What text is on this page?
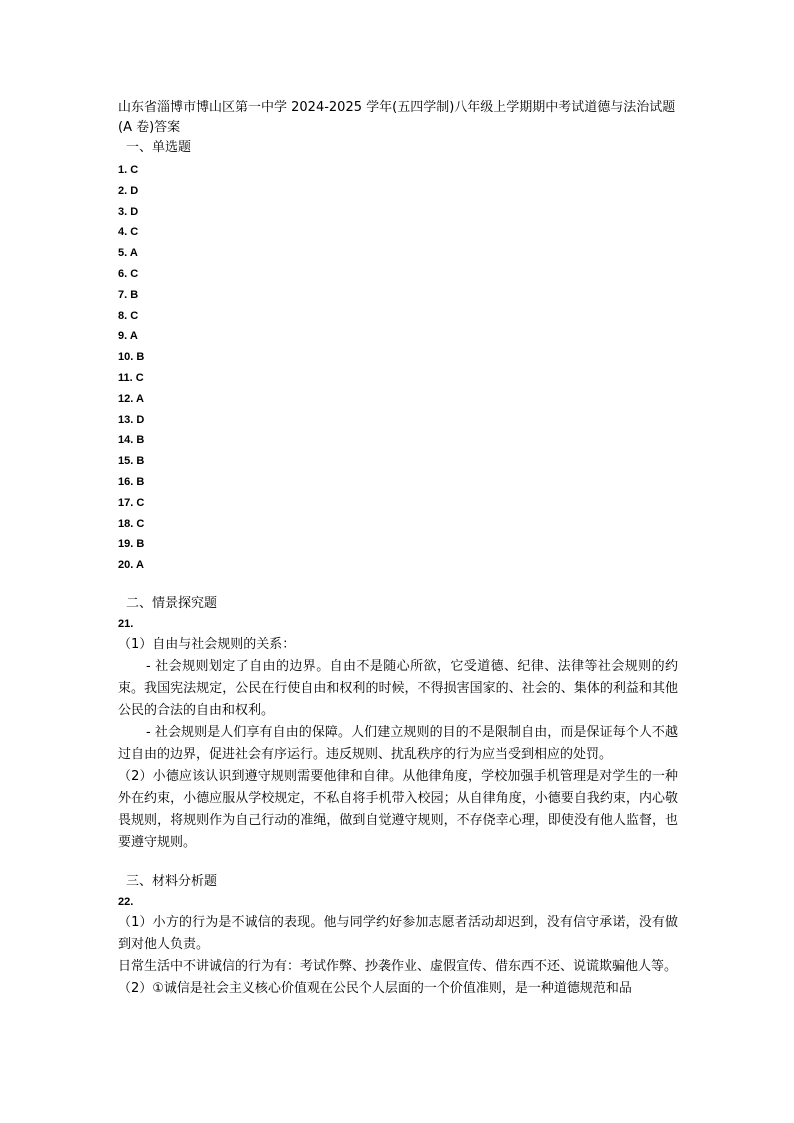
山东省淄博市博山区第一中学 2024-2025 学年(五四学制)八年级上学期期中考试道德与法治试题(A 卷)答案
一、单选题
1. C
2. D
3. D
4. C
5. A
6. C
7. B
8. C
9. A
10. B
11. C
12. A
13. D
14. B
15. B
16. B
17. C
18. C
19. B
20. A
二、情景探究题
21.

（1）自由与社会规则的关系：

- 社会规则划定了自由的边界。自由不是随心所欲，它受道德、纪律、法律等社会规则的约束。我国宪法规定，公民在行使自由和权利的时候，不得损害国家的、社会的、集体的利益和其他公民的合法的自由和权利。

- 社会规则是人们享有自由的保障。人们建立规则的目的不是限制自由，而是保证每个人不越过自由的边界，促进社会有序运行。违反规则、扰乱秩序的行为应当受到相应的处罚。

（2）小德应该认识到遵守规则需要他律和自律。从他律角度，学校加强手机管理是对学生的一种外在约束，小德应服从学校规定，不私自将手机带入校园；从自律角度，小德要自我约束，内心敬畏规则，将规则作为自己行动的准绳，做到自觉遵守规则，不存侥幸心理，即使没有他人监督，也要遵守规则。

三、材料分析题
22.

（1）小方的行为是不诚信的表现。他与同学约好参加志愿者活动却迟到，没有信守承诺，没有做到对他人负责。

日常生活中不讲诚信的行为有：考试作弊、抄袭作业、虚假宣传、借东西不还、说谎欺骗他人等。

（2）①诚信是社会主义核心价值观在公民个人层面的一个价值准则，是一种道德规范和品
